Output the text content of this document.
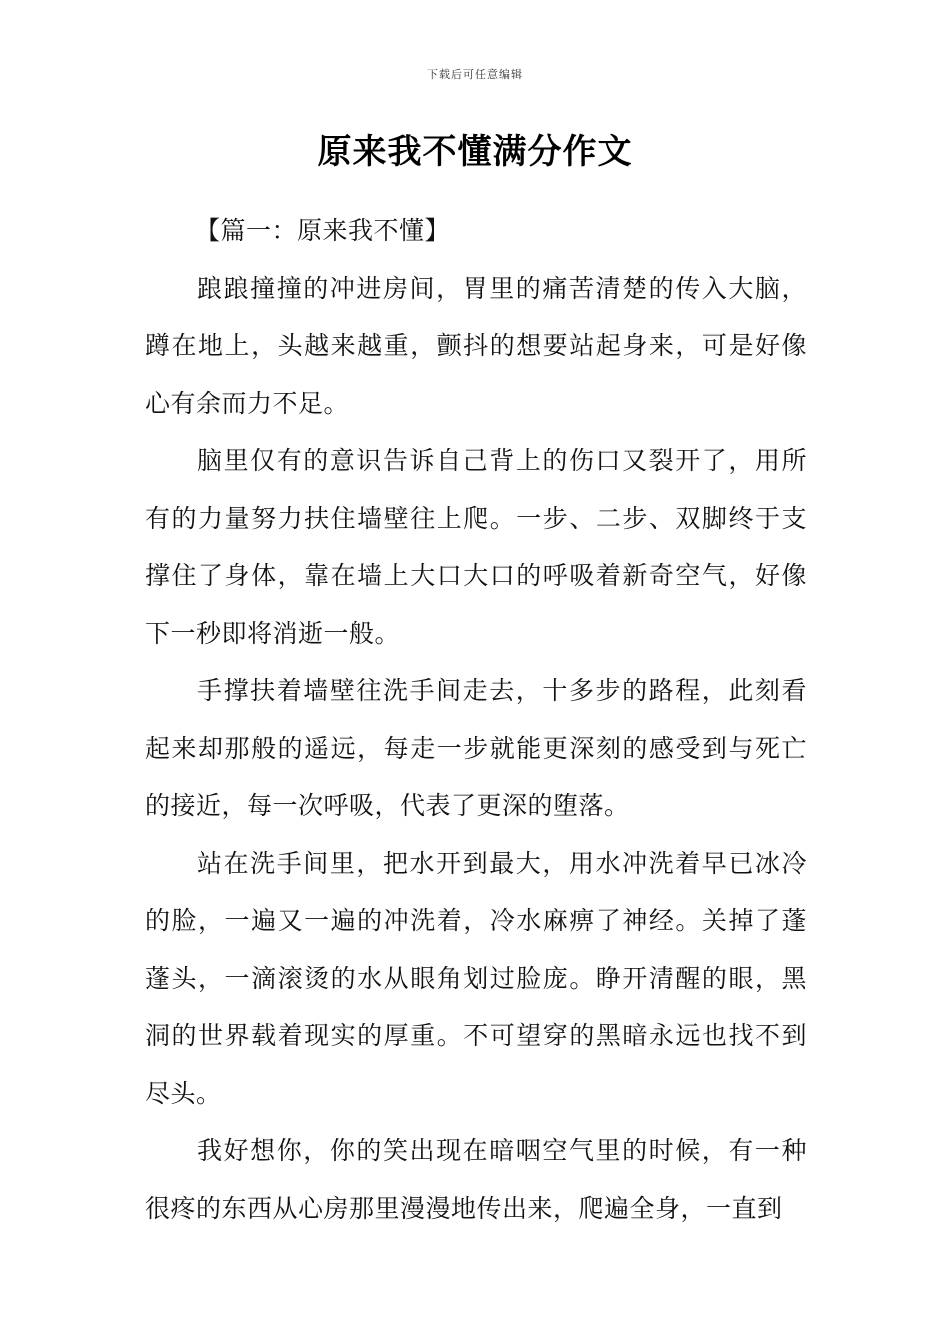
下载后可任意编辑
原来我不懂满分作文

【篇一：原来我不懂】

踉踉撞撞的冲进房间，胃里的痛苦清楚的传入大脑，蹲在地上，头越来越重，颤抖的想要站起身来，可是好像心有余而力不足。

脑里仅有的意识告诉自己背上的伤口又裂开了，用所有的力量努力扶住墙壁往上爬。一步、二步、双脚终于支撑住了身体，靠在墙上大口大口的呼吸着新奇空气，好像下一秒即将消逝一般。

手撑扶着墙壁往洗手间走去，十多步的路程，此刻看起来却那般的遥远，每走一步就能更深刻的感受到与死亡的接近，每一次呼吸，代表了更深的堕落。

站在洗手间里，把水开到最大，用水冲洗着早已冰冷的脸，一遍又一遍的冲洗着，冷水麻痹了神经。关掉了蓬蓬头，一滴滚烫的水从眼角划过脸庞。睁开清醒的眼，黑洞的世界载着现实的厚重。不可望穿的黑暗永远也找不到尽头。

我好想你，你的笑出现在暗咽空气里的时候，有一种很疼的东西从心房那里漫漫地传出来，爬遍全身，一直到
